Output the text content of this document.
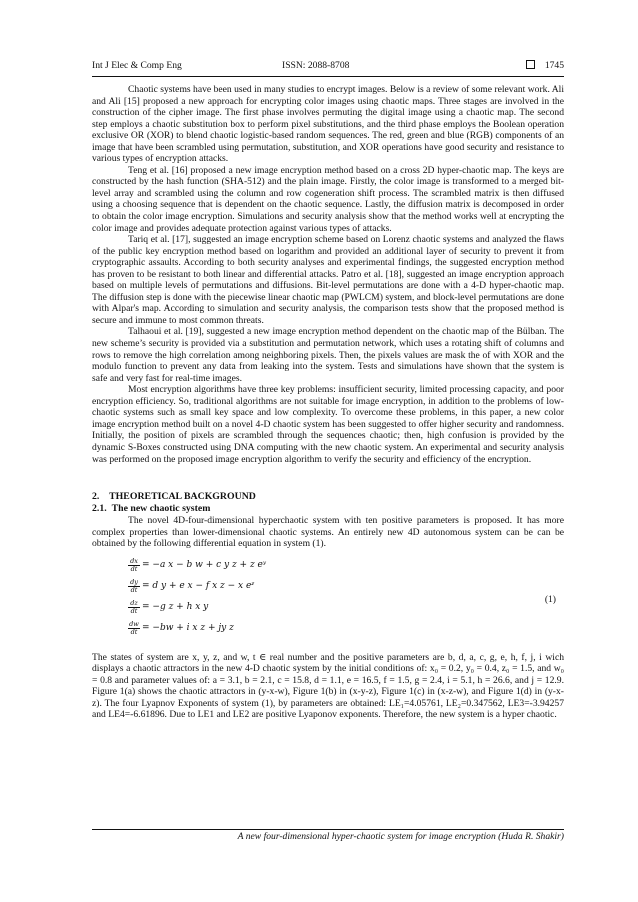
Int J Elec & Comp Eng	ISSN: 2088-8708	1745

Chaotic systems have been used in many studies to encrypt images. Below is a review of some relevant work. Ali and Ali [15] proposed a new approach for encrypting color images using chaotic maps. Three stages are involved in the construction of the cipher image. The first phase involves permuting the digital image using a chaotic map. The second step employs a chaotic substitution box to perform pixel substitutions, and the third phase employs the Boolean operation exclusive OR (XOR) to blend chaotic logistic-based random sequences. The red, green and blue (RGB) components of an image that have been scrambled using permutation, substitution, and XOR operations have good security and resistance to various types of encryption attacks.

Teng et al. [16] proposed a new image encryption method based on a cross 2D hyper-chaotic map. The keys are constructed by the hash function (SHA-512) and the plain image. Firstly, the color image is transformed to a merged bit-level array and scrambled using the column and row cogeneration shift process. The scrambled matrix is then diffused using a choosing sequence that is dependent on the chaotic sequence. Lastly, the diffusion matrix is decomposed in order to obtain the color image encryption. Simulations and security analysis show that the method works well at encrypting the color image and provides adequate protection against various types of attacks.

Tariq et al. [17], suggested an image encryption scheme based on Lorenz chaotic systems and analyzed the flaws of the public key encryption method based on logarithm and provided an additional layer of security to prevent it from cryptographic assaults. According to both security analyses and experimental findings, the suggested encryption method has proven to be resistant to both linear and differential attacks. Patro et al. [18], suggested an image encryption approach based on multiple levels of permutations and diffusions. Bit-level permutations are done with a 4-D hyper-chaotic map. The diffusion step is done with the piecewise linear chaotic map (PWLCM) system, and block-level permutations are done with Alpar's map. According to simulation and security analysis, the comparison tests show that the proposed method is secure and immune to most common threats.

Talhaoui et al. [19], suggested a new image encryption method dependent on the chaotic map of the Bülban. The new scheme’s security is provided via a substitution and permutation network, which uses a rotating shift of columns and rows to remove the high correlation among neighboring pixels. Then, the pixels values are mask the of with XOR and the modulo function to prevent any data from leaking into the system. Tests and simulations have shown that the system is safe and very fast for real-time images.

Most encryption algorithms have three key problems: insufficient security, limited processing capacity, and poor encryption efficiency. So, traditional algorithms are not suitable for image encryption, in addition to the problems of low-chaotic systems such as small key space and low complexity. To overcome these problems, in this paper, a new color image encryption method built on a novel 4-D chaotic system has been suggested to offer higher security and randomness. Initially, the position of pixels are scrambled through the sequences chaotic; then, high confusion is provided by the dynamic S-Boxes constructed using DNA computing with the new chaotic system. An experimental and security analysis was performed on the proposed image encryption algorithm to verify the security and efficiency of the encryption.

2.    THEORETICAL BACKGROUND

2.1.  The new chaotic system

The novel 4D-four-dimensional hyperchaotic system with ten positive parameters is proposed. It has more complex properties than lower-dimensional chaotic systems. An entirely new 4D autonomous system can be can be obtained by the following differential equation in system (1).

$\frac{dx}{dt} = -a$ x − b w + c y z + z eʸ
$\frac{dy}{dt} = d$ y + e x − f x z − x eᶻ
$\frac{dz}{dt} = -g$ z + h x y
$\frac{dw}{dt} = -bw + i$ x z + jy z
(1)

The states of system are x, y, z, and w, t ∈ real number and the positive parameters are b, d, a, c, g, e, h, f, j, i wich displays a chaotic attractors in the new 4-D chaotic system by the initial conditions of: x₀ = 0.2, y₀ = 0.4, z₀ = 1.5, and w₀ = 0.8 and parameter values of: a = 3.1, b = 2.1, c = 15.8, d = 1.1, e = 16.5, f = 1.5, g = 2.4, i = 5.1, h = 26.6, and j = 12.9. Figure 1(a) shows the chaotic attractors in (y-x-w), Figure 1(b) in (x-y-z), Figure 1(c) in (x-z-w), and Figure 1(d) in (y-x-z). The four Lyapnov Exponents of system (1), by parameters are obtained: LE₁=4.05761, LE₂=0.347562, LE3=-3.94257 and LE4=-6.61896. Due to LE1 and LE2 are positive Lyaponov exponents. Therefore, the new system is a hyper chaotic.

A new four-dimensional hyper-chaotic system for image encryption (Huda R. Shakir)
